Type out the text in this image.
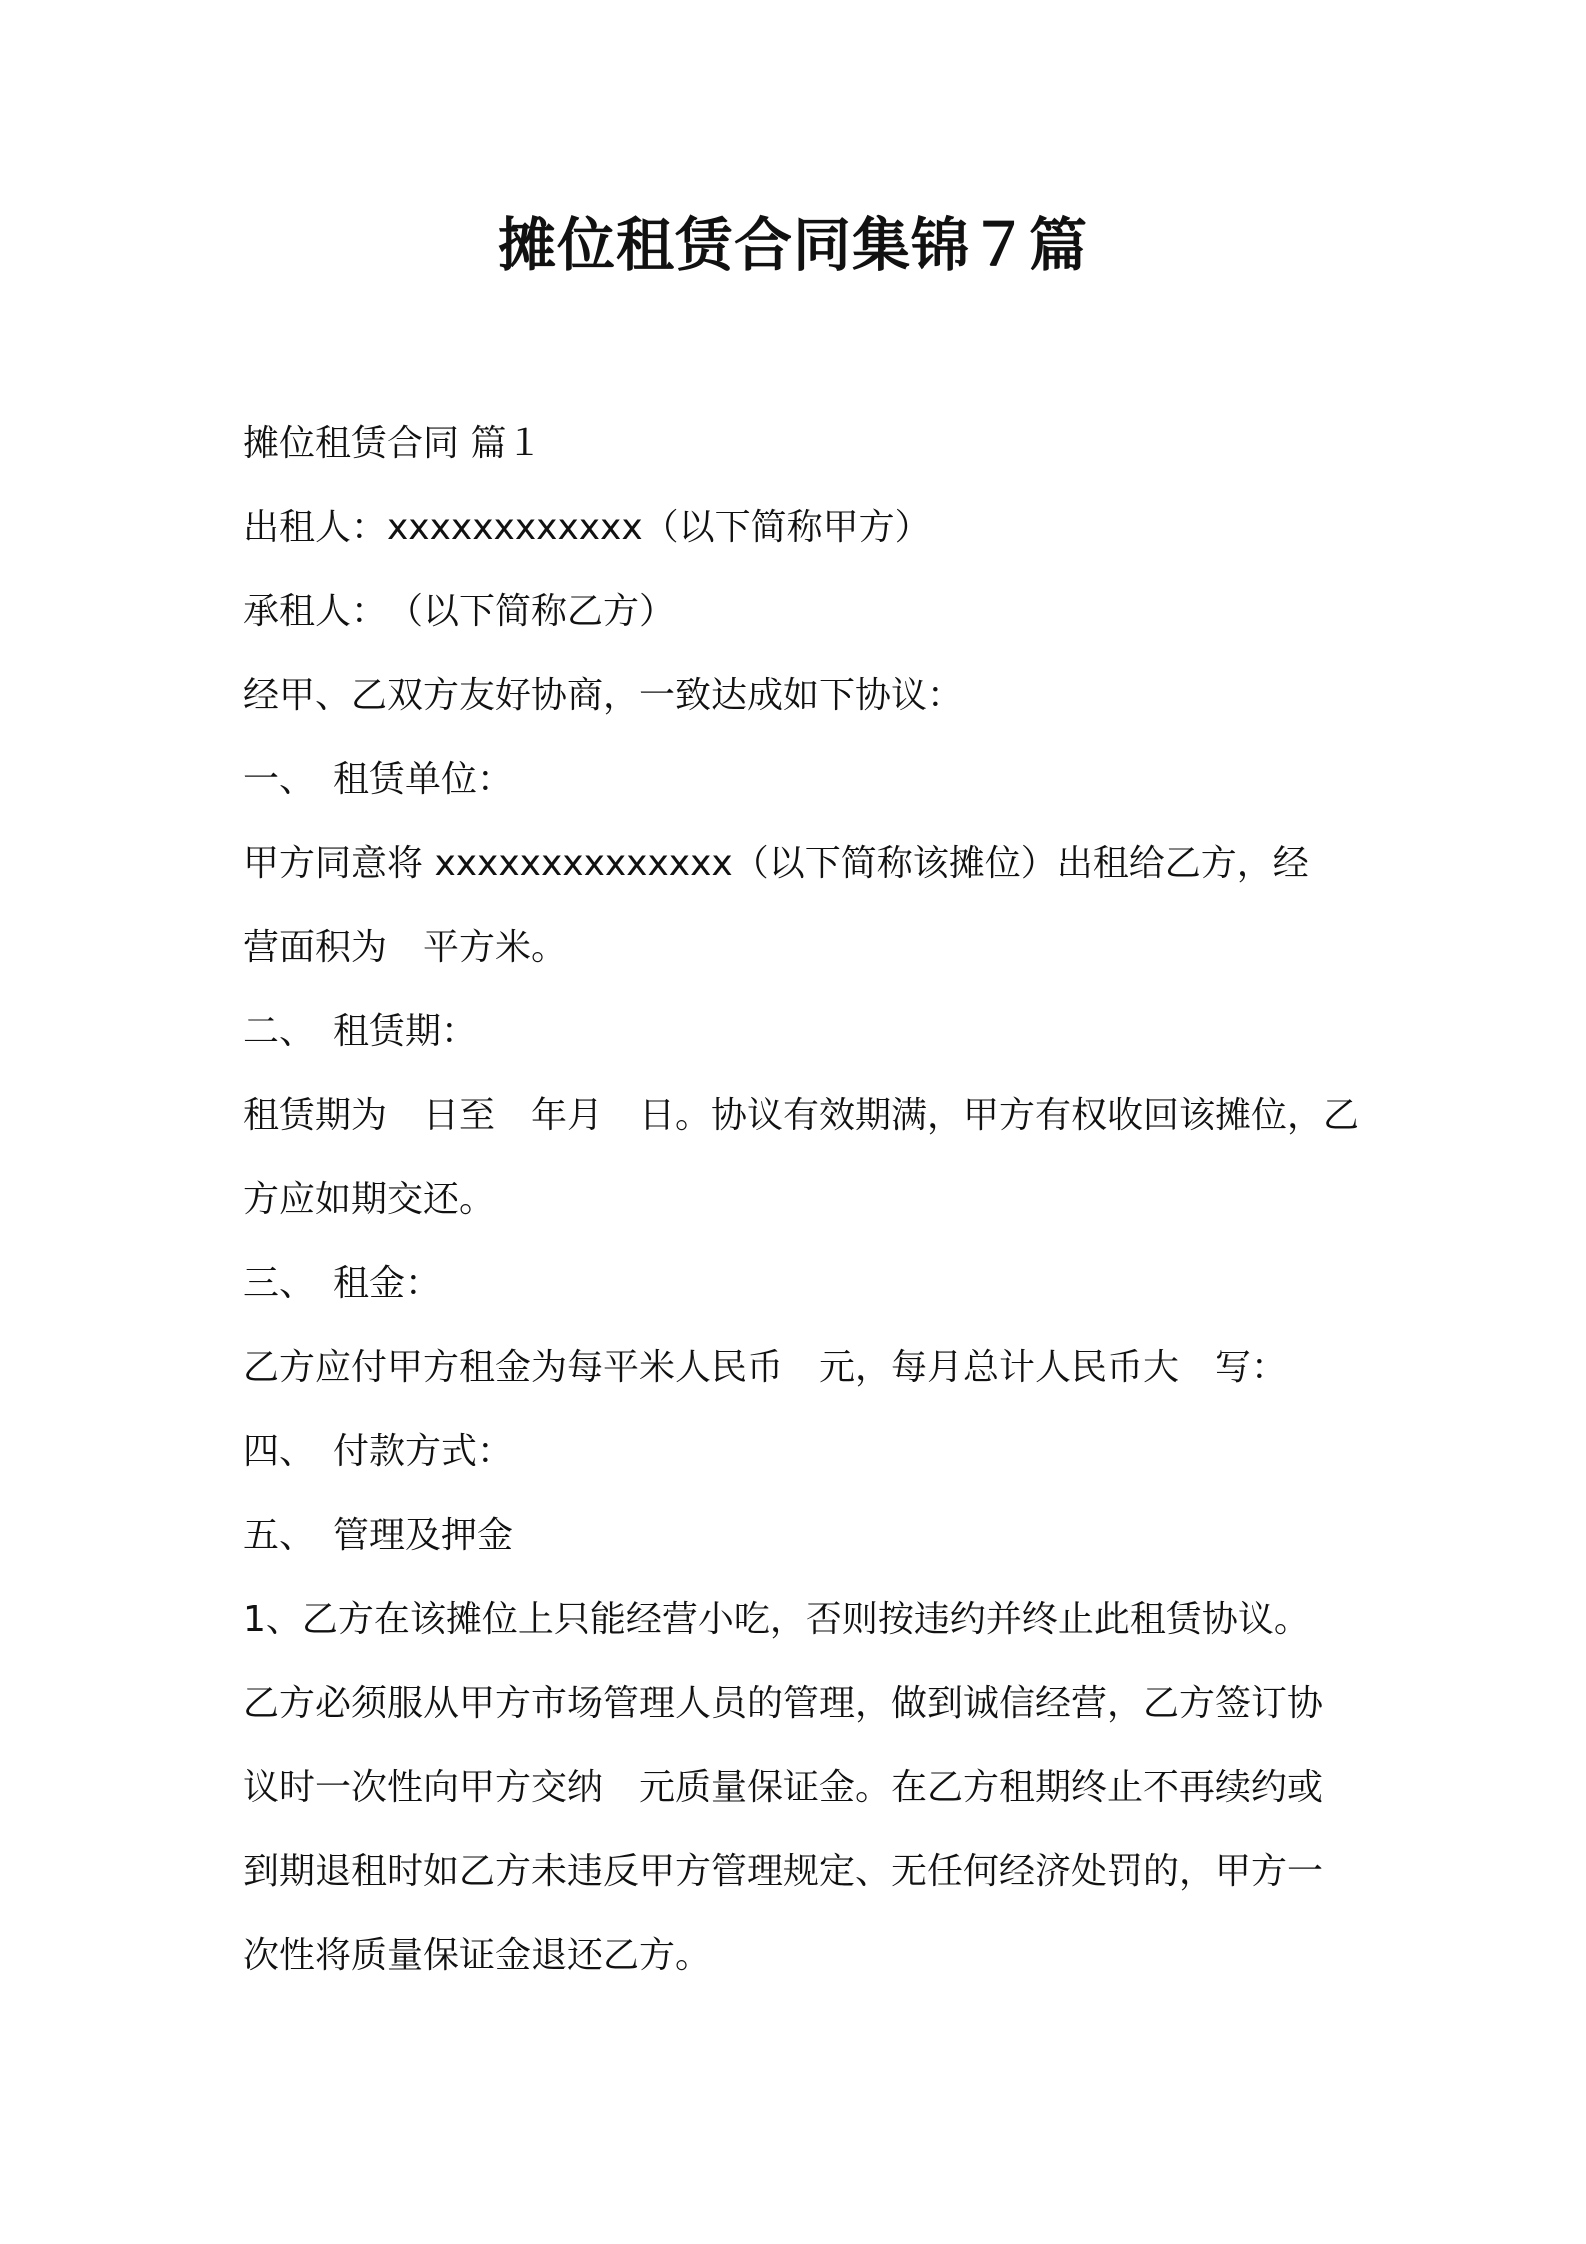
摊位租赁合同集锦７篇

摊位租赁合同 篇１

出租人：xxxxxxxxxxxx（以下简称甲方）

承租人：　（以下简称乙方）

经甲、乙双方友好协商，一致达成如下协议：

一、　租赁单位：

甲方同意将 xxxxxxxxxxxxxx（以下简称该摊位）出租给乙方，经

营面积为　平方米。

二、　租赁期：

租赁期为　日至　年月　日。协议有效期满，甲方有权收回该摊位，乙

方应如期交还。

三、　租金：

乙方应付甲方租金为每平米人民币　元，每月总计人民币大　写：

四、　付款方式：

五、　管理及押金

1、乙方在该摊位上只能经营小吃，否则按违约并终止此租赁协议。

乙方必须服从甲方市场管理人员的管理，做到诚信经营，乙方签订协

议时一次性向甲方交纳　元质量保证金。在乙方租期终止不再续约或

到期退租时如乙方未违反甲方管理规定、无任何经济处罚的，甲方一

次性将质量保证金退还乙方。
